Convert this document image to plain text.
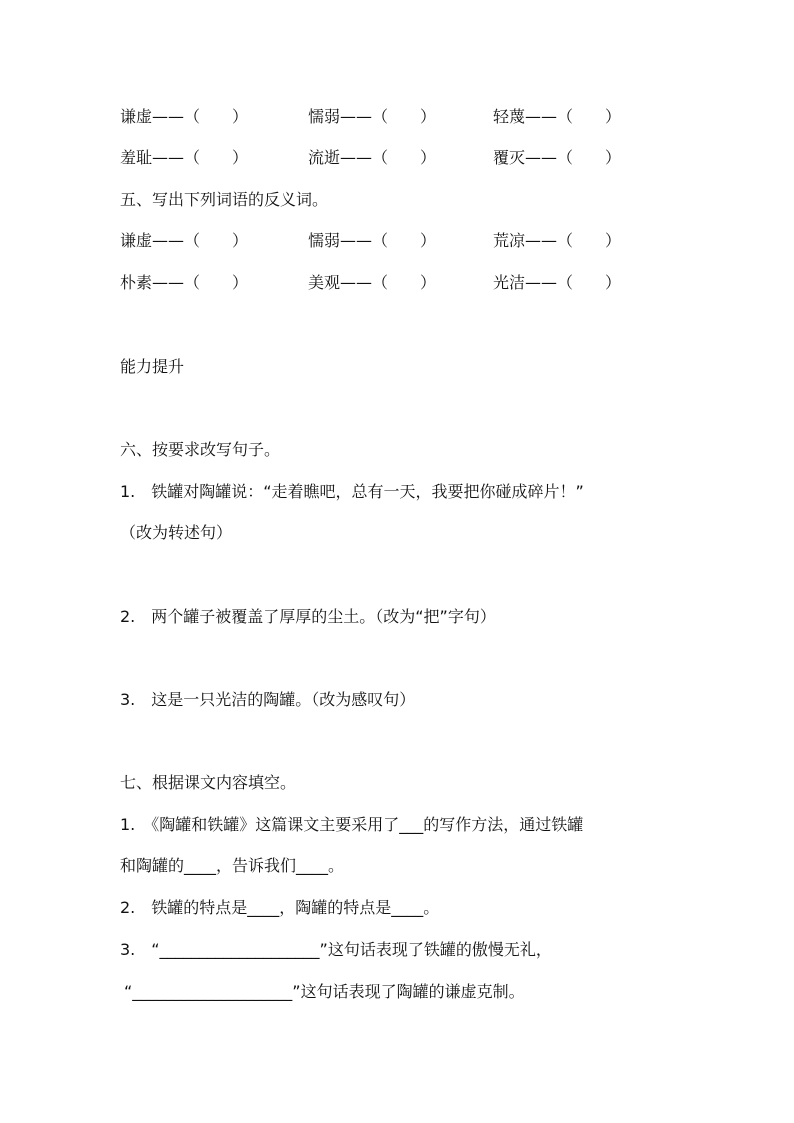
谦虚——（　　）	懦弱——（　　）	轻蔑——（　　）
羞耻——（　　）	流逝——（　　）	覆灭——（　　）
五、写出下列词语的反义词。
谦虚——（　　）	懦弱——（　　）	荒凉——（　　）
朴素——（　　）	美观——（　　）	光洁——（　　）
能力提升
六、按要求改写句子。
1.　铁罐对陶罐说：“走着瞧吧，总有一天，我要把你碰成碎片！”
（改为转述句）
2.　两个罐子被覆盖了厚厚的尘土。（改为“把”字句）
3.　这是一只光洁的陶罐。（改为感叹句）
七、根据课文内容填空。
1.　《陶罐和铁罐》这篇课文主要采用了___的写作方法，通过铁罐
和陶罐的____，告诉我们____。
2.　铁罐的特点是____，陶罐的特点是____。
3.　“____________________”这句话表现了铁罐的傲慢无礼，
“____________________”这句话表现了陶罐的谦虚克制。
